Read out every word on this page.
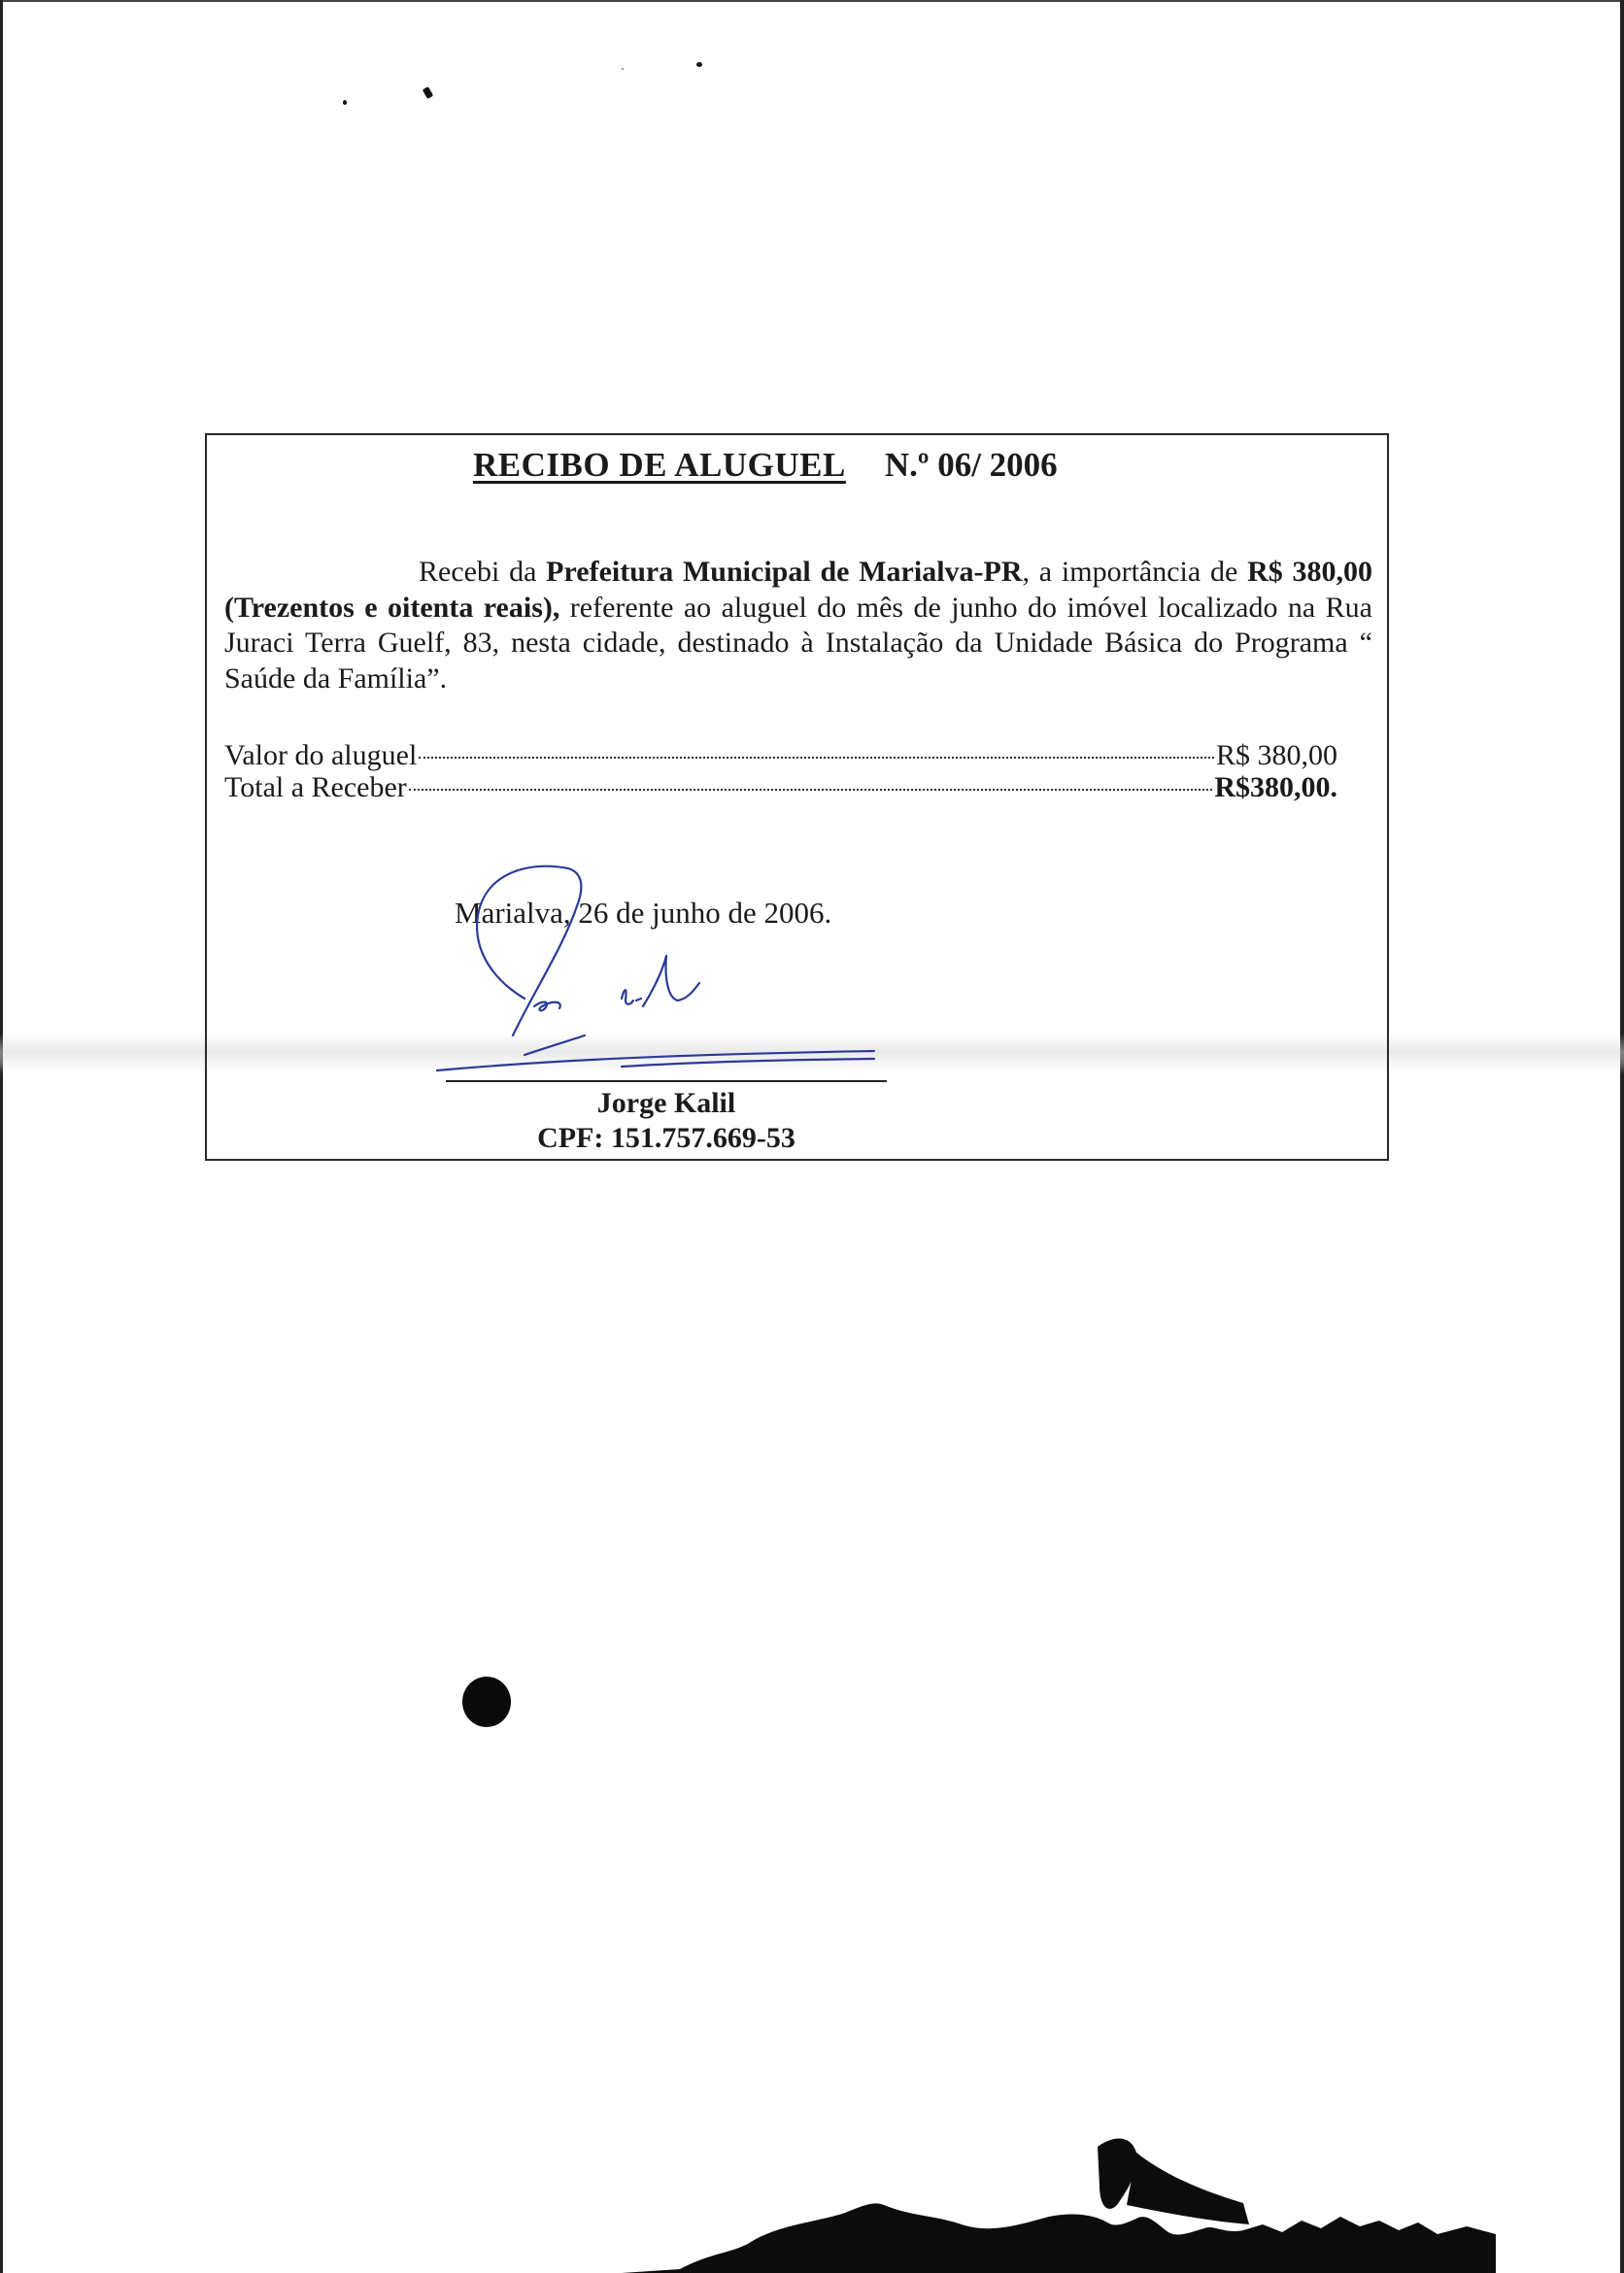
RECIBO DE ALUGUEL N.º 06/ 2006

Recebi da Prefeitura Municipal de Marialva-PR, a importância de R$ 380,00 (Trezentos e oitenta reais), referente ao aluguel do mês de junho do imóvel localizado na Rua Juraci Terra Guelf, 83, nesta cidade, destinado à Instalação da Unidade Básica do Programa “ Saúde da Família”.

Valor do aluguel	R$ 380,00
Total a Receber	R$380,00.
Marialva, 26 de junho de 2006.
Jorge Kalil
CPF: 151.757.669-53
